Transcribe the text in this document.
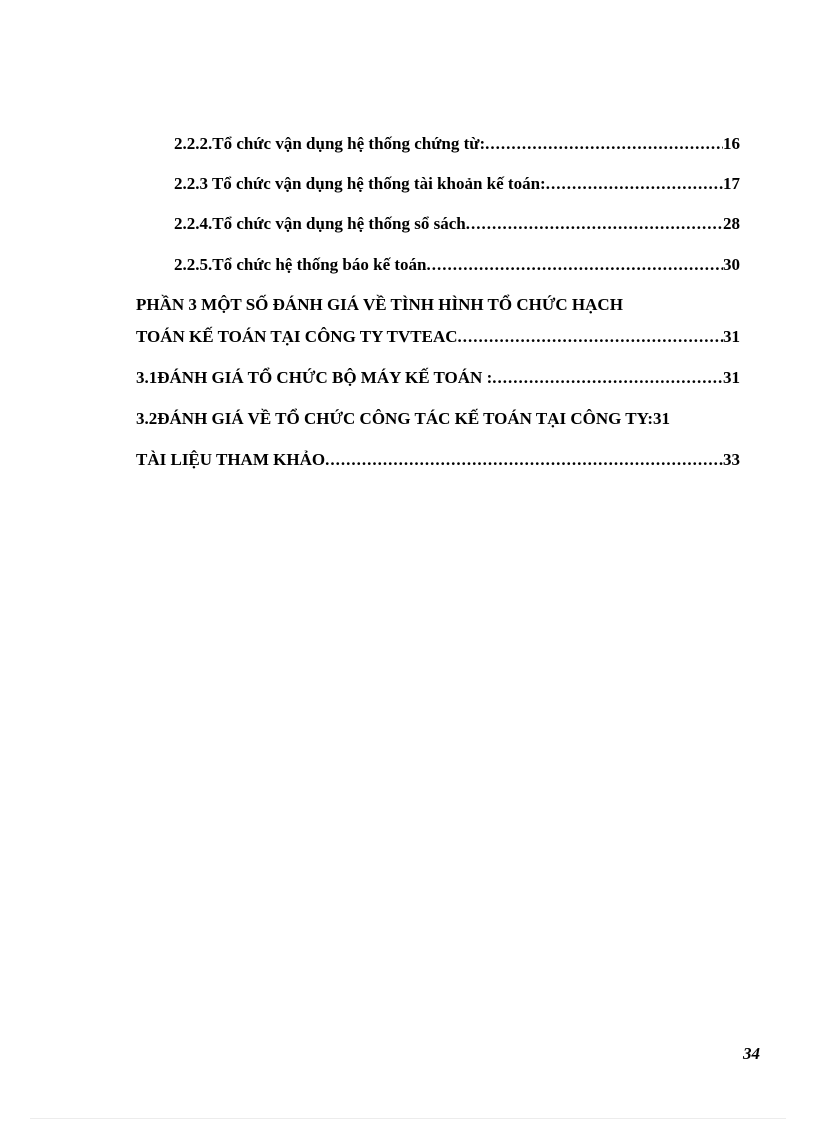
2.2.2.Tổ chức vận dụng hệ thống chứng từ: .....	16
2.2.3 Tổ chức vận dụng hệ thống tài khoản kế toán: .....	17
2.2.4.Tổ chức vận dụng hệ thống sổ sách .....	28
2.2.5.Tổ chức hệ thống báo kế toán .....	30
PHẦN 3 MỘT SỐ ĐÁNH GIÁ VỀ TÌNH HÌNH TỔ CHỨC HẠCH
TOÁN KẾ TOÁN TẠI CÔNG TY TVTEAC .....	31
3.1ĐÁNH GIÁ TỔ CHỨC BỘ MÁY KẾ TOÁN : .....	31
3.2ĐÁNH GIÁ VỀ TỔ CHỨC CÔNG TÁC KẾ TOÁN TẠI CÔNG TY:31
TÀI LIỆU THAM KHẢO .....	33
34
